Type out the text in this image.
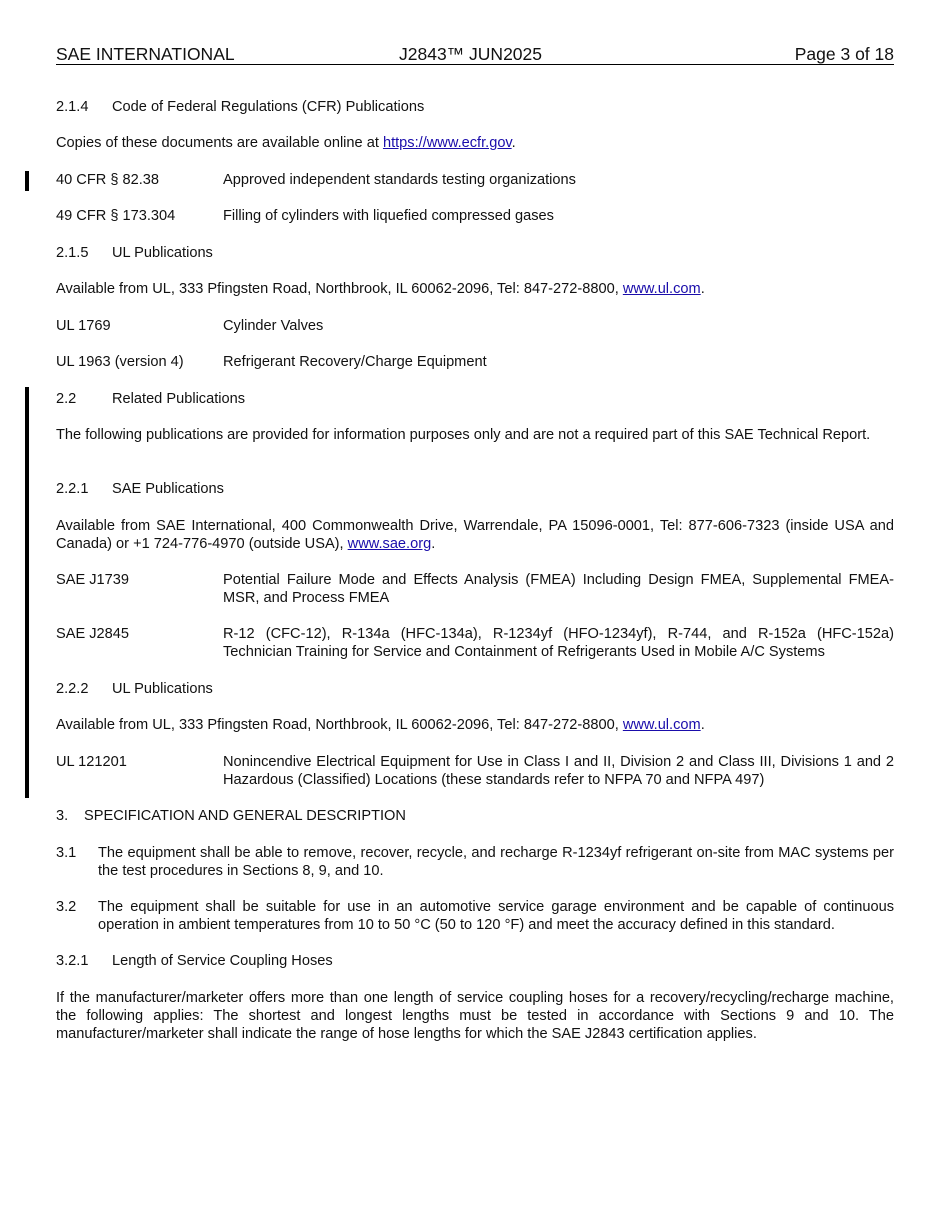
SAE INTERNATIONAL	J2843™ JUN2025	Page 3 of 18
2.1.4 Code of Federal Regulations (CFR) Publications
Copies of these documents are available online at https://www.ecfr.gov.
40 CFR § 82.38	Approved independent standards testing organizations
49 CFR § 173.304	Filling of cylinders with liquefied compressed gases
2.1.5 UL Publications
Available from UL, 333 Pfingsten Road, Northbrook, IL 60062-2096, Tel: 847-272-8800, www.ul.com.
UL 1769	Cylinder Valves
UL 1963 (version 4)	Refrigerant Recovery/Charge Equipment
2.2 Related Publications
The following publications are provided for information purposes only and are not a required part of this SAE Technical Report.
2.2.1 SAE Publications
Available from SAE International, 400 Commonwealth Drive, Warrendale, PA 15096-0001, Tel: 877-606-7323 (inside USA and Canada) or +1 724-776-4970 (outside USA), www.sae.org.
SAE J1739	Potential Failure Mode and Effects Analysis (FMEA) Including Design FMEA, Supplemental FMEA-MSR, and Process FMEA
SAE J2845	R-12 (CFC-12), R-134a (HFC-134a), R-1234yf (HFO-1234yf), R-744, and R-152a (HFC-152a) Technician Training for Service and Containment of Refrigerants Used in Mobile A/C Systems
2.2.2 UL Publications
Available from UL, 333 Pfingsten Road, Northbrook, IL 60062-2096, Tel: 847-272-8800, www.ul.com.
UL 121201	Nonincendive Electrical Equipment for Use in Class I and II, Division 2 and Class III, Divisions 1 and 2 Hazardous (Classified) Locations (these standards refer to NFPA 70 and NFPA 497)
3. SPECIFICATION AND GENERAL DESCRIPTION
3.1 The equipment shall be able to remove, recover, recycle, and recharge R-1234yf refrigerant on-site from MAC systems per the test procedures in Sections 8, 9, and 10.
3.2 The equipment shall be suitable for use in an automotive service garage environment and be capable of continuous operation in ambient temperatures from 10 to 50 °C (50 to 120 °F) and meet the accuracy defined in this standard.
3.2.1 Length of Service Coupling Hoses
If the manufacturer/marketer offers more than one length of service coupling hoses for a recovery/recycling/recharge machine, the following applies: The shortest and longest lengths must be tested in accordance with Sections 9 and 10. The manufacturer/marketer shall indicate the range of hose lengths for which the SAE J2843 certification applies.
